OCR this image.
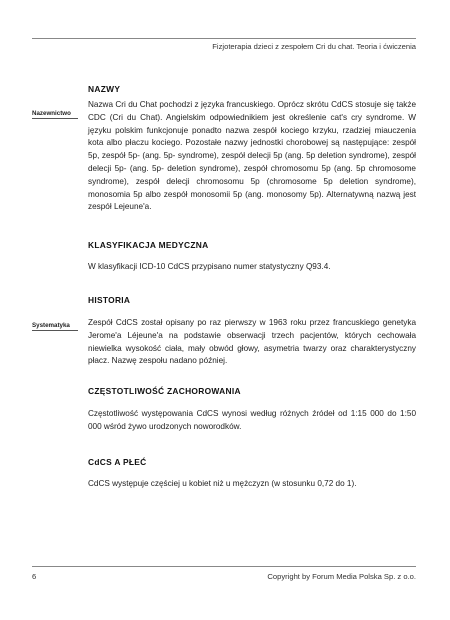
Fizjoterapia dzieci z zespołem Cri du chat. Teoria i ćwiczenia
NAZWY
Nazewnictwo

Nazwa Cri du Chat pochodzi z języka francuskiego. Oprócz skrótu CdCS stosuje się także CDC (Cri du Chat). Angielskim odpowiednikiem jest określenie cat's cry syndrome. W języku polskim funkcjonuje ponadto nazwa zespół kociego krzyku, rzadziej miauczenia kota albo płaczu kociego. Pozostałe nazwy jednostki chorobowej są następujące: zespół 5p, zespół 5p- (ang. 5p- syndrome), zespół delecji 5p (ang. 5p deletion syndrome), zespół delecji 5p- (ang. 5p- deletion syndrome), zespół chromosomu 5p (ang. 5p chromosome syndrome), zespół delecji chromosomu 5p (chromosome 5p deletion syndrome), monosomia 5p albo zespół monosomii 5p (ang. monosomy 5p). Alternatywną nazwą jest zespół Lejeune'a.

KLASYFIKACJA MEDYCZNA

W klasyfikacji ICD-10 CdCS przypisano numer statystyczny Q93.4.

HISTORIA
Systematyka	Zespół CdCS został opisany po raz pierwszy w 1963 roku przez francuskiego genetyka Jerome'a Léjeune'a na podstawie obserwacji trzech pacjentów, których cechowała niewielka wysokość ciała, mały obwód głowy, asymetria twarzy oraz charakterystyczny płacz. Nazwę zespołu nadano później.

CZĘSTOTLIWOŚĆ ZACHOROWANIA

Częstotliwość występowania CdCS wynosi według różnych źródeł od 1:15 000 do 1:50 000 wśród żywo urodzonych noworodków.

CdCS A PŁEĆ

CdCS występuje częściej u kobiet niż u mężczyzn (w stosunku 0,72 do 1).

6	Copyright by Forum Media Polska Sp. z o.o.
